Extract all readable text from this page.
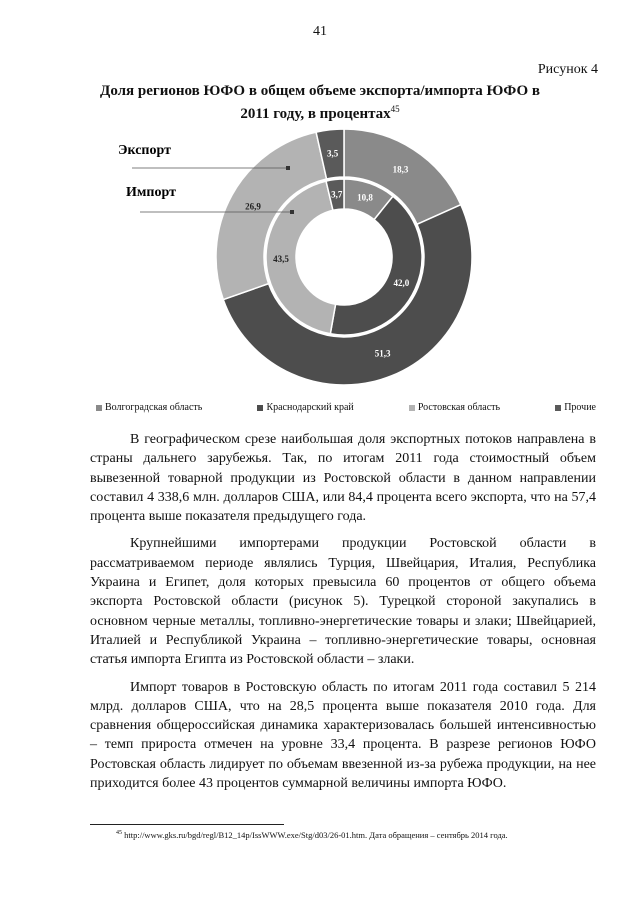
41
Рисунок 4
Доля регионов ЮФО в общем объеме экспорта/импорта ЮФО в 2011 году, в процентах$^{45}$
18,3
51,3
26,9
3,5
10,8
42,0
43,5
3,7
Экспорт
Импорт
Волгоградская область	Краснодарский край	Ростовская область	Прочие

В географическом срезе наибольшая доля экспортных потоков направлена в страны дальнего зарубежья. Так, по итогам 2011 года стоимостный объем вывезенной товарной продукции из Ростовской области в данном направлении составил 4 338,6 млн. долларов США, или 84,4 процента всего экспорта, что на 57,4 процента выше показателя предыдущего года.

Крупнейшими импортерами продукции Ростовской области в рассматриваемом периоде являлись Турция, Швейцария, Италия, Республика Украина и Египет, доля которых превысила 60 процентов от общего объема экспорта Ростовской области (рисунок 5). Турецкой стороной закупались в основном черные металлы, топливно-энергетические товары и злаки; Швейцарией, Италией и Республикой Украина – топливно-энергетические товары, основная статья импорта Египта из Ростовской области – злаки.

Импорт товаров в Ростовскую область по итогам 2011 года составил 5 214 млрд. долларов США, что на 28,5 процента выше показателя 2010 года. Для сравнения общероссийская динамика характеризовалась большей интенсивностью – темп прироста отмечен на уровне 33,4 процента. В разрезе регионов ЮФО Ростовская область лидирует по объемам ввезенной из-за рубежа продукции, на нее приходится более 43 процентов суммарной величины импорта ЮФО.

$^{45}$ http://www.gks.ru/bgd/regl/B12_14p/IssWWW.exe/Stg/d03/26-01.htm. Дата обращения – сентябрь 2014 года.
